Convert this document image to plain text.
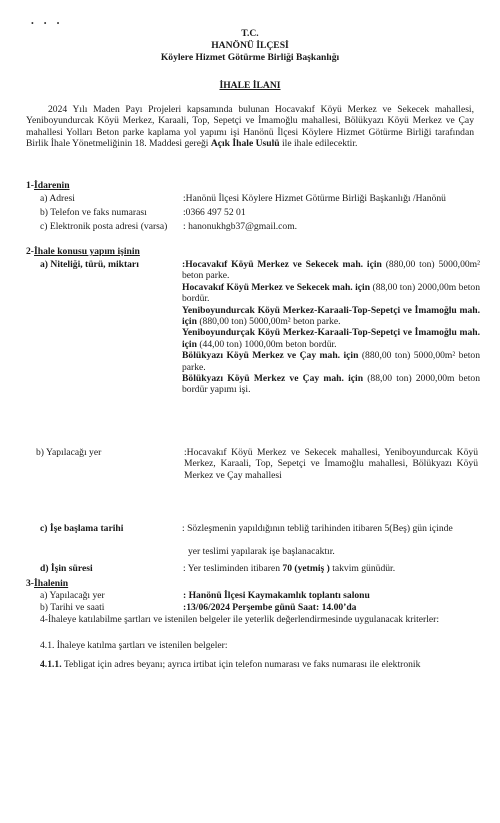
• • •
T.C.
HANÖNÜ İLÇESİ
Köylere Hizmet Götürme Birliği Başkanlığı
İHALE İLANI
2024 Yılı Maden Payı Projeleri kapsamında bulunan Hocavakıf Köyü Merkez ve Sekecek mahallesi, Yeniboyundurcak Köyü Merkez, Karaali, Top, Sepetçi ve İmamoğlu mahallesi, Bölükyazı Köyü Merkez ve Çay mahallesi Yolları Beton parke kaplama yol yapımı işi Hanönü İlçesi Köylere Hizmet Götürme Birliği tarafından Birlik İhale Yönetmeliğinin 18. Maddesi gereği Açık İhale Usulü ile ihale edilecektir.
1-İdarenin
a) Adresi	:Hanönü İlçesi Köylere Hizmet Götürme Birliği Başkanlığı /Hanönü
b) Telefon ve faks numarası	:0366 497 52 01
c) Elektronik posta adresi (varsa)	: hanonukhgb37@gmail.com.
2-İhale konusu yapım işinin
a) Niteliği, türü, miktarı	:Hocavakıf Köyü Merkez ve Sekecek mah. için (880,00 ton) 5000,00m² beton parke.
Hocavakıf Köyü Merkez ve Sekecek mah. için (88,00 ton) 2000,00m beton bordür.
Yeniboyundurcak Köyü Merkez-Karaali-Top-Sepetçi ve İmamoğlu mah. için (880,00 ton) 5000,00m² beton parke.
Yeniboyundurçak Köyü Merkez-Karaali-Top-Sepetçi ve İmamoğlu mah. için (44,00 ton) 1000,00m beton bordür.
Bölükyazı Köyü Merkez ve Çay mah. için (880,00 ton) 5000,00m² beton parke.
Bölükyazı Köyü Merkez ve Çay mah. için (88,00 ton) 2000,00m beton bordür yapımı işi.
b) Yapılacağı yer	:Hocavakıf Köyü Merkez ve Sekecek mahallesi, Yeniboyundurcak Köyü Merkez, Karaali, Top, Sepetçi ve İmamoğlu mahallesi, Bölükyazı Köyü Merkez ve Çay mahallesi
c) İşe başlama tarihi	: Sözleşmenin yapıldığının tebliğ tarihinden itibaren 5(Beş) gün içinde
yer teslimi yapılarak işe başlanacaktır.
d) İşin süresi	: Yer tesliminden itibaren 70 (yetmiş ) takvim günüdür.
3-İhalenin
a) Yapılacağı yer	: Hanönü İlçesi Kaymakamlık toplantı salonu
b) Tarihi ve saati	:13/06/2024 Perşembe günü Saat: 14.00’da
4-İhaleye katılabilme şartları ve istenilen belgeler ile yeterlik değerlendirmesinde uygulanacak kriterler:
4.1. İhaleye katılma şartları ve istenilen belgeler:
4.1.1. Tebligat için adres beyanı; ayrıca irtibat için telefon numarası ve faks numarası ile elektronik
